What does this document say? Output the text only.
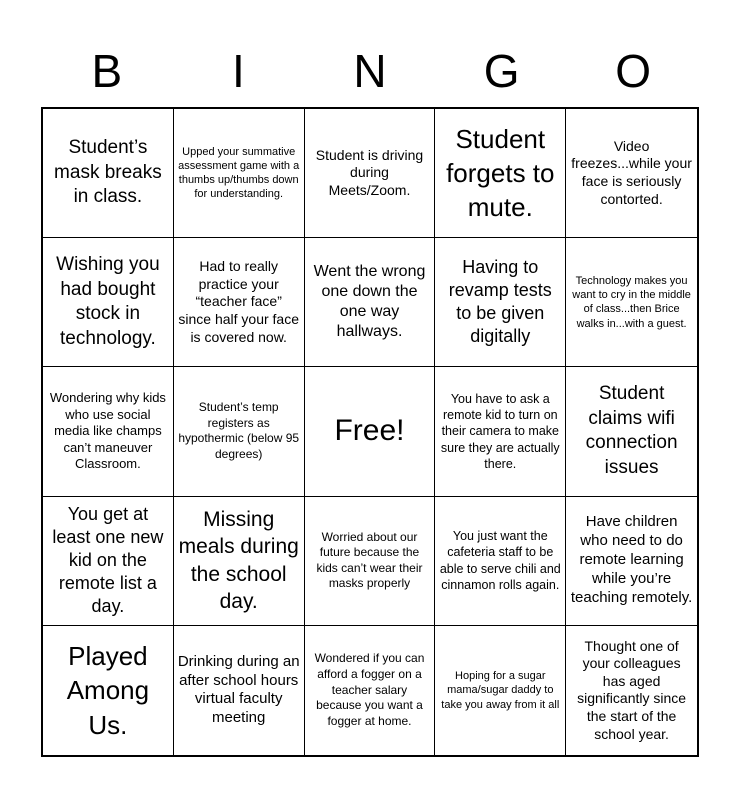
B	I	N	G	O
Student’s mask breaks in class.
Upped your summative assessment game with a thumbs up/thumbs down for understanding.
Student is driving during Meets/Zoom.
Student forgets to mute.
Video freezes...while your face is seriously contorted.
Wishing you had bought stock in technology.
Had to really practice your “teacher face” since half your face is covered now.
Went the wrong one down the one way hallways.
Having to revamp tests to be given digitally
Technology makes you want to cry in the middle of class...then Brice walks in...with a guest.
Wondering why kids who use social media like champs can’t maneuver Classroom.
Student’s temp registers as hypothermic (below 95 degrees)
Free!
You have to ask a remote kid to turn on their camera to make sure they are actually there.
Student claims wifi connection issues
You get at least one new kid on the remote list a day.
Missing meals during the school day.
Worried about our future because the kids can’t wear their masks properly
You just want the cafeteria staff to be able to serve chili and cinnamon rolls again.
Have children who need to do remote learning while you’re teaching remotely.
Played Among Us.
Drinking during an after school hours virtual faculty meeting
Wondered if you can afford a fogger on a teacher salary because you want a fogger at home.
Hoping for a sugar mama/sugar daddy to take you away from it all
Thought one of your colleagues has aged significantly since the start of the school year.
